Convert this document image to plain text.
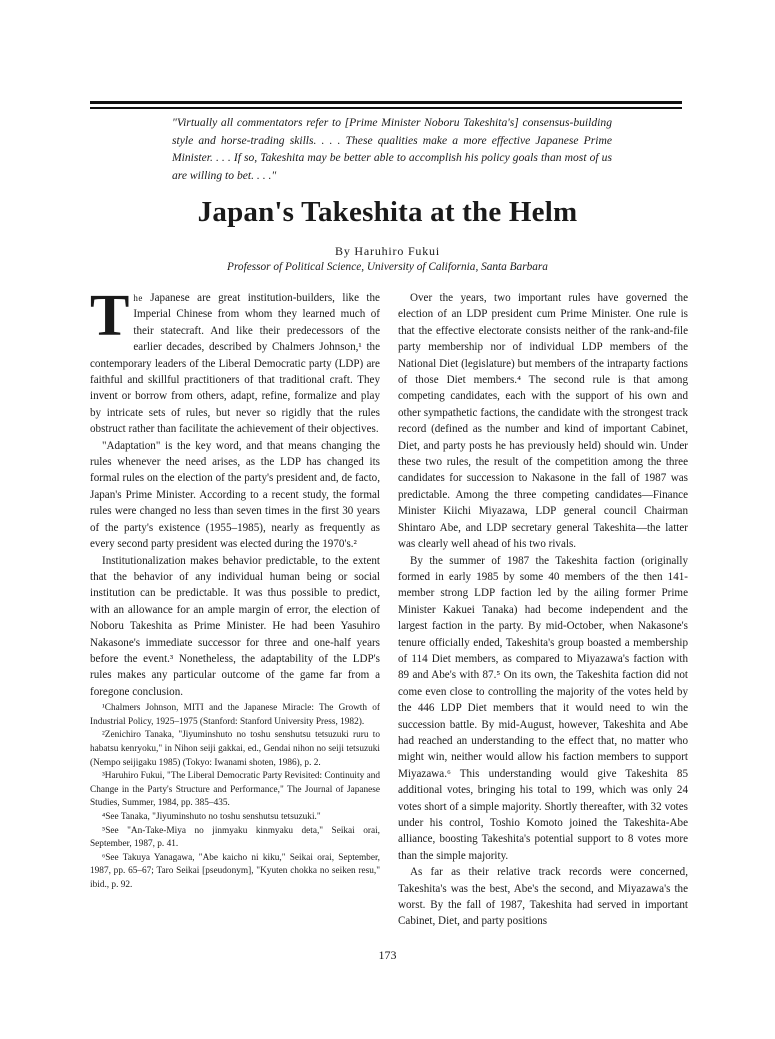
"Virtually all commentators refer to [Prime Minister Noboru Takeshita's] consensus-building style and horse-trading skills. . . . These qualities make a more effective Japanese Prime Minister. . . . If so, Takeshita may be better able to accomplish his policy goals than most of us are willing to bet. . . ."
Japan's Takeshita at the Helm
By Haruhiro Fukui
Professor of Political Science, University of California, Santa Barbara

The Japanese are great institution-builders, like the Imperial Chinese from whom they learned much of their statecraft. And like their predecessors of the earlier decades, described by Chalmers Johnson,¹ the contemporary leaders of the Liberal Democratic party (LDP) are faithful and skillful practitioners of that traditional craft. They invent or borrow from others, adapt, refine, formalize and play by intricate sets of rules, but never so rigidly that the rules obstruct rather than facilitate the achievement of their objectives.

"Adaptation" is the key word, and that means changing the rules whenever the need arises, as the LDP has changed its formal rules on the election of the party's president and, de facto, Japan's Prime Minister. According to a recent study, the formal rules were changed no less than seven times in the first 30 years of the party's existence (1955–1985), nearly as frequently as every second party president was elected during the 1970's.²

Institutionalization makes behavior predictable, to the extent that the behavior of any individual human being or social institution can be predictable. It was thus possible to predict, with an allowance for an ample margin of error, the election of Noboru Takeshita as Prime Minister. He had been Yasuhiro Nakasone's immediate successor for three and one-half years before the event.³ Nonetheless, the adaptability of the LDP's rules makes any particular outcome of the game far from a foregone conclusion.

¹Chalmers Johnson, MITI and the Japanese Miracle: The Growth of Industrial Policy, 1925–1975 (Stanford: Stanford University Press, 1982).

²Zenichiro Tanaka, "Jiyuminshuto no toshu senshutsu tetsuzuki ruru to habatsu kenryoku," in Nihon seiji gakkai, ed., Gendai nihon no seiji tetsuzuki (Nempo seijigaku 1985) (Tokyo: Iwanami shoten, 1986), p. 2.

³Haruhiro Fukui, "The Liberal Democratic Party Revisited: Continuity and Change in the Party's Structure and Performance," The Journal of Japanese Studies, Summer, 1984, pp. 385–435.

⁴See Tanaka, "Jiyuminshuto no toshu senshutsu tetsuzuki."

⁵See "An-Take-Miya no jinmyaku kinmyaku deta," Seikai orai, September, 1987, p. 41.

⁶See Takuya Yanagawa, "Abe kaicho ni kiku," Seikai orai, September, 1987, pp. 65–67; Taro Seikai [pseudonym], "Kyuten chokka no seiken resu," ibid., p. 92.

Over the years, two important rules have governed the election of an LDP president cum Prime Minister. One rule is that the effective electorate consists neither of the rank-and-file party membership nor of individual LDP members of the National Diet (legislature) but members of the intraparty factions of those Diet members.⁴ The second rule is that among competing candidates, each with the support of his own and other sympathetic factions, the candidate with the strongest track record (defined as the number and kind of important Cabinet, Diet, and party posts he has previously held) should win. Under these two rules, the result of the competition among the three candidates for succession to Nakasone in the fall of 1987 was predictable. Among the three competing candidates—Finance Minister Kiichi Miyazawa, LDP general council Chairman Shintaro Abe, and LDP secretary general Takeshita—the latter was clearly well ahead of his two rivals.

By the summer of 1987 the Takeshita faction (originally formed in early 1985 by some 40 members of the then 141-member strong LDP faction led by the ailing former Prime Minister Kakuei Tanaka) had become independent and the largest faction in the party. By mid-October, when Nakasone's tenure officially ended, Takeshita's group boasted a membership of 114 Diet members, as compared to Miyazawa's faction with 89 and Abe's with 87.⁵ On its own, the Takeshita faction did not come even close to controlling the majority of the votes held by the 446 LDP Diet members that it would need to win the succession battle. By mid-August, however, Takeshita and Abe had reached an understanding to the effect that, no matter who might win, neither would allow his faction members to support Miyazawa.⁶ This understanding would give Takeshita 85 additional votes, bringing his total to 199, which was only 24 votes short of a simple majority. Shortly thereafter, with 32 votes under his control, Toshio Komoto joined the Takeshita-Abe alliance, boosting Takeshita's potential support to 8 votes more than the simple majority.

As far as their relative track records were concerned, Takeshita's was the best, Abe's the second, and Miyazawa's the worst. By the fall of 1987, Takeshita had served in important Cabinet, Diet, and party positions

173
